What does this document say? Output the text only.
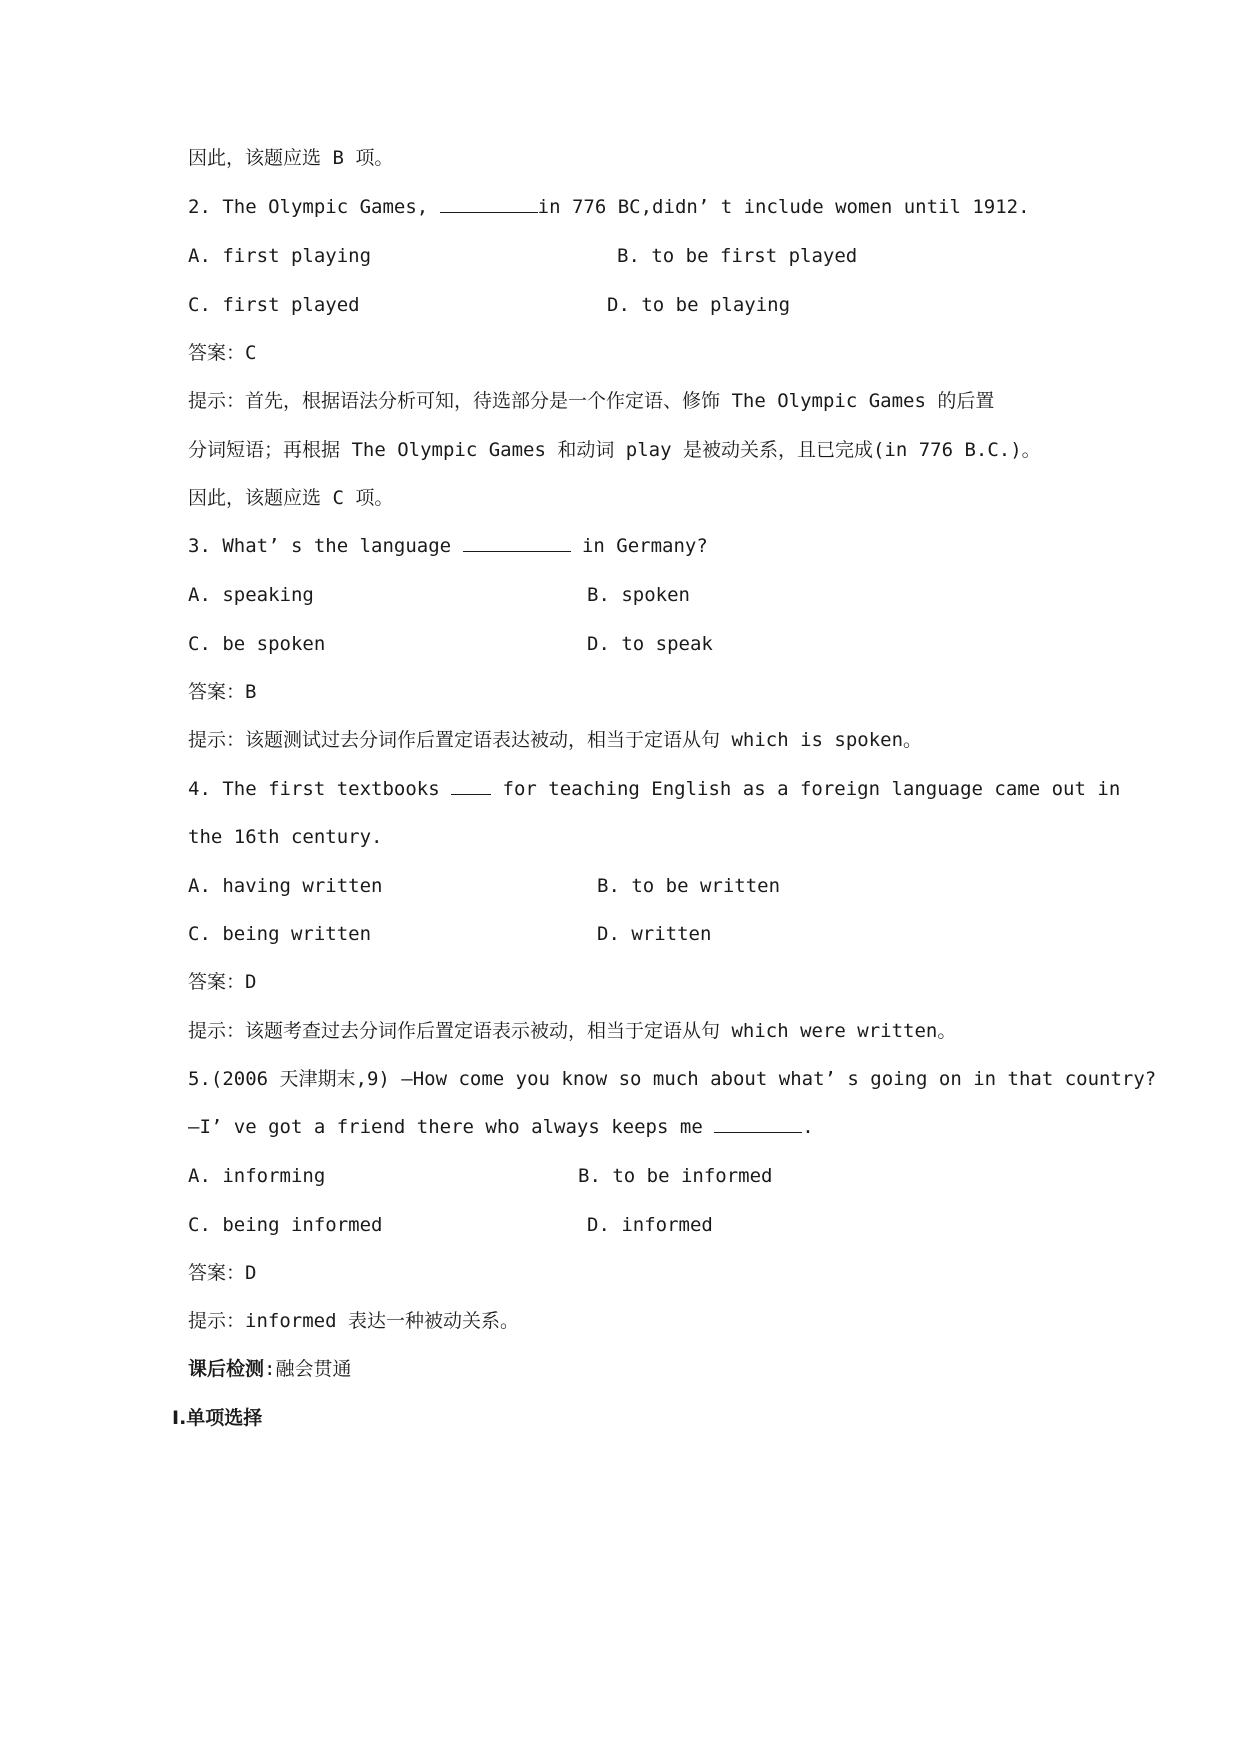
因此，该题应选 B 项。
2. The Olympic Games,	in 776 BC,didn’ t include women until 1912.
A. first playing	B. to be first played
C. first played	D. to be playing
答案：C
提示：首先，根据语法分析可知，待选部分是一个作定语、修饰 The Olympic Games 的后置
分词短语；再根据 The Olympic Games 和动词 play 是被动关系，且已完成(in 776 B.C.)。
因此，该题应选 C 项。
3. What’ s the language	in Germany?
A. speaking	B. spoken
C. be spoken	D. to speak
答案：B
提示：该题测试过去分词作后置定语表达被动，相当于定语从句 which is spoken。
4. The first textbooks  for teaching English as a foreign language came out in
the 16th century.
A. having written	B. to be written
C. being written	D. written
答案：D
提示：该题考查过去分词作后置定语表示被动，相当于定语从句 which were written。
5.(2006 天津期末,9) —How come you know so much about what’ s going on in that country?
—I’ ve got a friend there who always keeps me	.
A. informing	B. to be informed
C. being informed	D. informed
答案：D
提示：informed 表达一种被动关系。
课后检测:融会贯通
Ⅰ.单项选择
